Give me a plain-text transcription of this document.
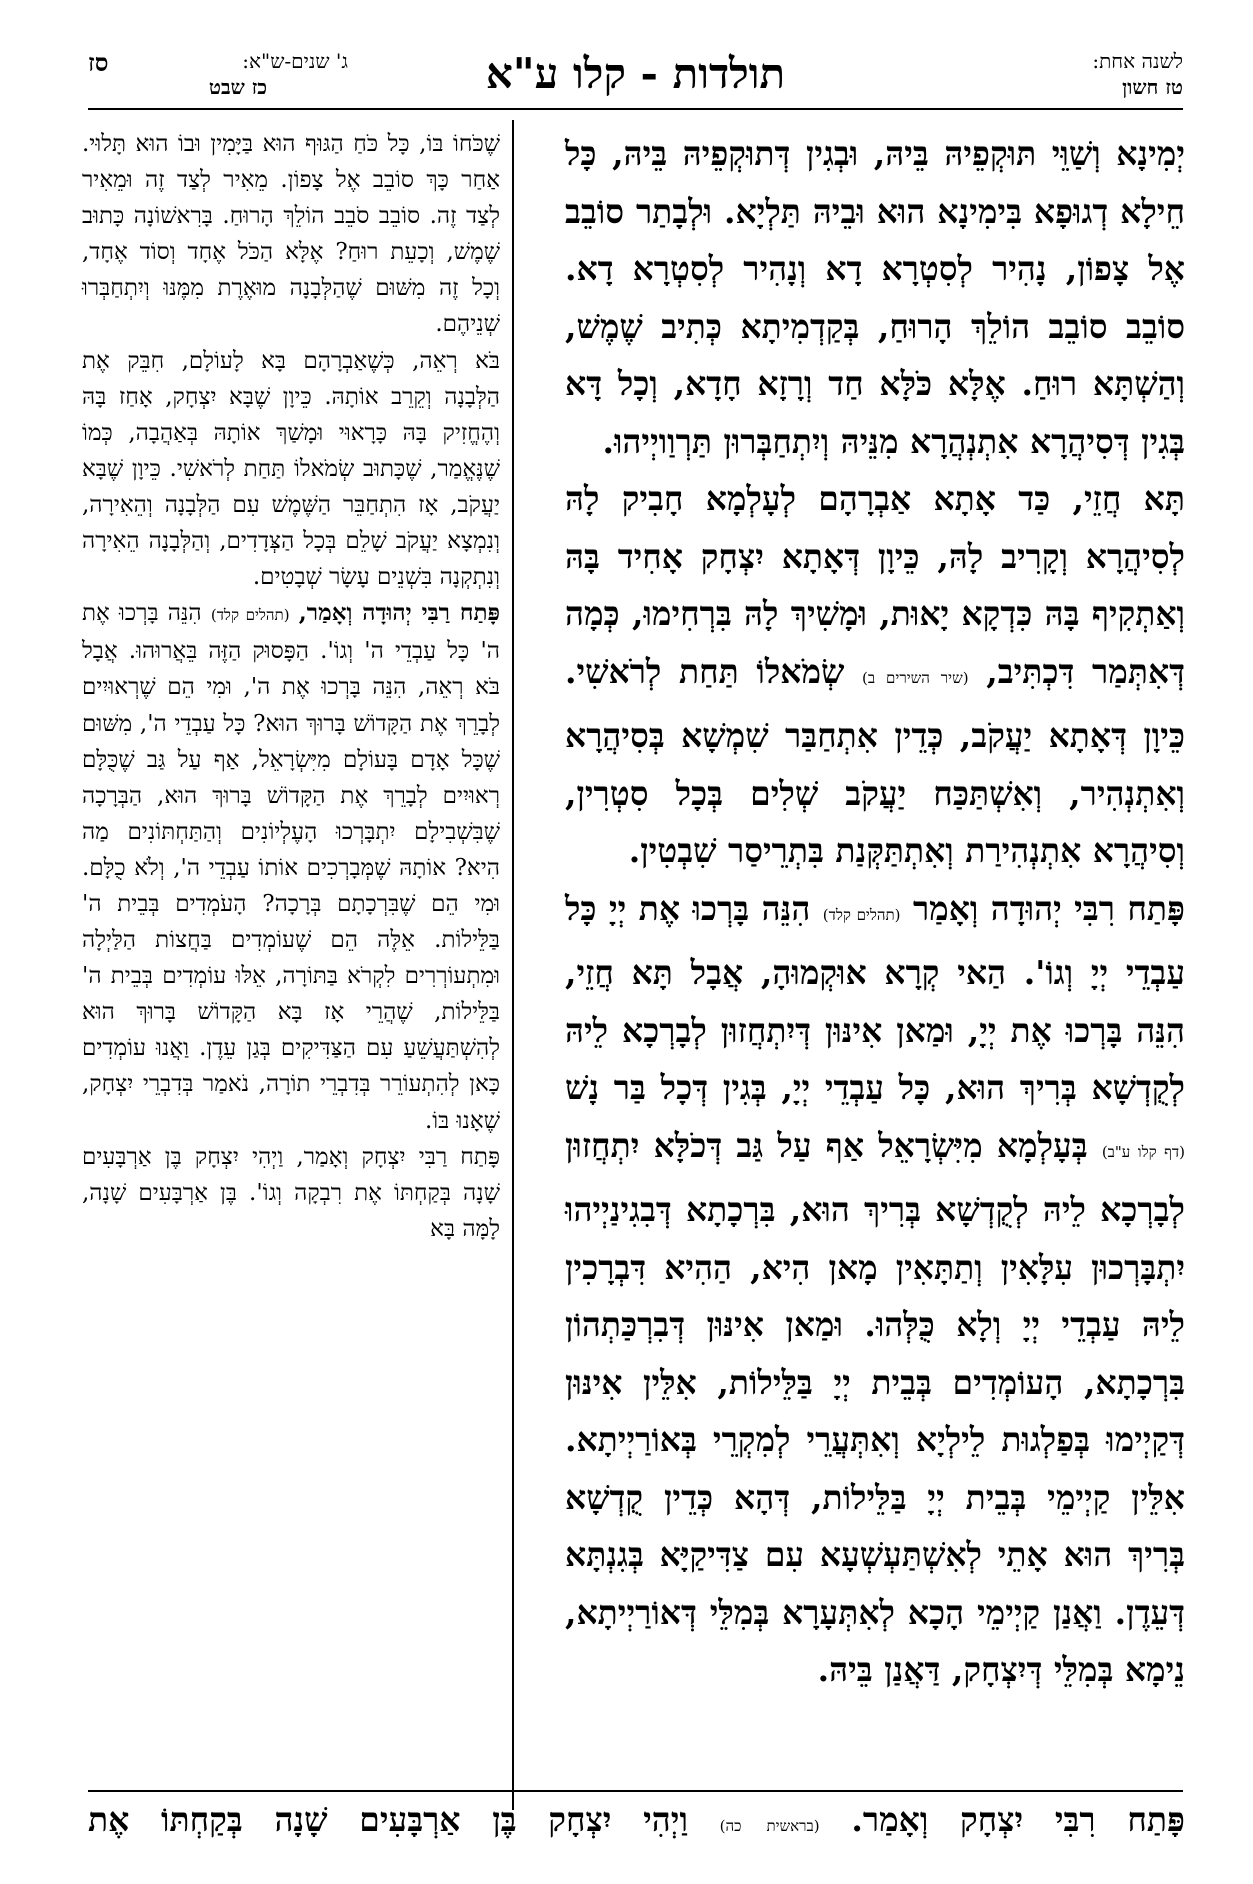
לשנה אחת:
טז חשון
תולדות - קלו ע"א
סז	ג' שנים-ש"א:
כז שבט

יְמִינָא וְשַׁוֵּי תּוּקְפֵיהּ בֵּיהּ, וּבְגִין דְּתוּקְפֵיהּ בֵּיהּ, כָּל חֵילָא דְגוּפָא בִּימִינָא הוּא וּבֵיהּ תַּלְיָא. וּלְבָתַר סוֹבֵב אֶל צָפוֹן, נָהִיר לְסִטְרָא דָא וְנָהִיר לְסִטְרָא דָא. סוֹבֵב סוֹבֵב הוֹלֵךְ הָרוּחַ, בְּקַדְמִיתָא כְּתִיב שֶׁמֶשׁ, וְהַשְׁתָּא רוּחַ. אֶלָּא כֹּלָּא חַד וְרָזָא חָדָא, וְכָל דָּא בְּגִין דְּסִיהֲרָא אִתְנְהֲרָא מִנֵּיהּ וְיִתְחַבְּרוּן תַּרְוַויְיהוּ.

תָּא חֲזֵי, כַּד אָתָא אַבְרָהָם לְעָלְמָא חָבִיק לָהּ לְסִיהֲרָא וְקָרִיב לָהּ, כֵּיוָן דְּאָתָא יִצְחָק אָחִיד בָּהּ וְאַתְקִיף בָּהּ כִּדְקָא יָאוּת, וּמָשִׁיךְ לָהּ בִּרְחִימוּ, כְּמָה דְּאִתְּמַר דִּכְתִּיב, (שיר השירים ב) שְׂמֹאלוֹ תַּחַת לְרֹאשִׁי. כֵּיוָן דְּאָתָא יַעֲקֹב, כְּדֵין אִתְחַבַּר שִׁמְשָׁא בְּסִיהֲרָא וְאִתְנְהִיר, וְאִשְׁתַּכַּח יַעֲקֹב שְׁלִים בְּכָל סִטְרִין, וְסִיהֲרָא אִתְנְהִירַת וְאִתְתַּקְּנַת בִּתְרֵיסַר שִׁבְטִין.

פָּתַח רִבִּי יְהוּדָה וְאָמַר (תהלים קלד) הִנֵּה בָּרְכוּ אֶת יְיָ כָּל עַבְדֵי יְיָ וְגוֹ'. הַאי קְרָא אוּקְמוּהָ, אֲבָל תָּא חֲזֵי, הִנֵּה בָּרְכוּ אֶת יְיָ, וּמַאן אִינּוּן דְּיִתְחֲזוּן לְבָרְכָא לֵיהּ לְקֻדְשָׁא בְּרִיךְ הוּא, כָּל עַבְדֵי יְיָ, בְּגִין דְּכָל בַּר נָשׁ (דף קלו ע"ב) בְּעָלְמָא מִיִּשְׂרָאֵל אַף עַל גַּב דְּכֹלָּא יִתְחֲזוּן לְבָרְכָא לֵיהּ לְקֻדְשָׁא בְּרִיךְ הוּא, בִּרְכָתָא דְּבִגִינַיְיהוּ יִתְבָּרְכוּן עִלָּאִין וְתַתָּאִין מָאן הִיא, הַהִיא דִּבְרָכִין לֵיהּ עַבְדֵי יְיָ וְלָא כֻּלְּהוּ. וּמַאן אִינּוּן דְּבִרְכַּתְהוֹן בִּרְכָתָא, הָעוֹמְדִים בְּבֵית יְיָ בַּלֵּילוֹת, אִלֵּין אִינּוּן דְּקַיְימוּ בְּפַלְגוּת לֵילְיָא וְאִתְּעֲרֵי לְמִקְרֵי בְּאוֹרַיְיתָא. אִלֵּין קַיְימֵי בְּבֵית יְיָ בַּלֵּילוֹת, דְּהָא כְּדֵין קֻדְשָׁא בְּרִיךְ הוּא אָתֵי לְאִשְׁתַּעְשְׁעָא עִם צַדִּיקַיָּא בְּגִנְתָּא דְּעֵדֶן. וַאֲנַן קַיְימֵי הָכָא לְאִתְּעָרָא בְּמִלֵּי דְּאוֹרַיְיתָא, נֵימָא בְּמִלֵּי דְּיִצְחָק, דַּאֲנַן בֵּיהּ.

שֶׁכֹּחוֹ בּוֹ, כָּל כֹּחַ הַגּוּף הוּא בַּיָּמִין וּבוֹ הוּא תָּלוּי. אַחַר כָּךְ סוֹבֵב אֶל צָפוֹן. מֵאִיר לְצַד זֶה וּמֵאִיר לְצַד זֶה. סוֹבֵב סֹבֵב הוֹלֵךְ הָרוּחַ. בָּרִאשׁוֹנָה כָּתוּב שֶׁמֶשׁ, וְכָעֵת רוּחַ? אֶלָּא הַכֹּל אֶחָד וְסוֹד אֶחָד, וְכָל זֶה מִשּׁוּם שֶׁהַלְּבָנָה מוּאֶרֶת מִמֶּנּוּ וְיִתְחַבְּרוּ שְׁנֵיהֶם.

בֹּא רְאֵה, כְּשֶׁאַבְרָהָם בָּא לָעוֹלָם, חִבֵּק אֶת הַלְּבָנָה וְקֵרֵב אוֹתָהּ. כֵּיוָן שֶׁבָּא יִצְחָק, אָחַז בָּהּ וְהֶחֱזִיק בָּהּ כָּרָאוּי וּמָשַׁךְ אוֹתָהּ בְּאַהֲבָה, כְּמוֹ שֶׁנֶּאֱמַר, שֶׁכָּתוּב שְׂמֹאלוֹ תַּחַת לְרֹאשִׁי. כֵּיוָן שֶׁבָּא יַעֲקֹב, אָז הִתְחַבֵּר הַשֶּׁמֶשׁ עִם הַלְּבָנָה וְהֵאִירָה, וְנִמְצָא יַעֲקֹב שָׁלֵם בְּכָל הַצְּדָדִים, וְהַלְּבָנָה הֵאִירָה וְנִתְקְנָה בִּשְׁנֵים עָשָׂר שְׁבָטִים.

פָּתַח רַבִּי יְהוּדָה וְאָמַר, (תהלים קלד) הִנֵּה בָּרְכוּ אֶת ה' כָּל עַבְדֵי ה' וְגוֹ'. הַפָּסוּק הַזֶּה בֵּאֲרוּהוּ. אֲבָל בֹּא רְאֵה, הִנֵּה בָּרְכוּ אֶת ה', וּמִי הֵם שֶׁרְאוּיִים לְבָרֵךְ אֶת הַקָּדוֹשׁ בָּרוּךְ הוּא? כָּל עַבְדֵי ה', מִשּׁוּם שֶׁכָּל אָדָם בָּעוֹלָם מִיִּשְׂרָאֵל, אַף עַל גַּב שֶׁכֻּלָּם רְאוּיִים לְבָרֵךְ אֶת הַקָּדוֹשׁ בָּרוּךְ הוּא, הַבְּרָכָה שֶׁבִּשְׁבִילָם יִתְבָּרְכוּ הָעֶלְיוֹנִים וְהַתַּחְתּוֹנִים מַה הִיא? אוֹתָהּ שֶׁמְּבָרְכִים אוֹתוֹ עַבְדֵי ה', וְלֹא כֻלָּם. וּמִי הֵם שֶׁבִּרְכָתָם בְּרָכָה? הָעֹמְדִים בְּבֵית ה' בַּלֵּילוֹת. אֵלֶּה הֵם שֶׁעוֹמְדִים בַּחֲצוֹת הַלַּיְלָה וּמִתְעוֹרְרִים לִקְרֹא בַּתּוֹרָה, אֵלּוּ עוֹמְדִים בְּבֵית ה' בַּלֵּילוֹת, שֶׁהֲרֵי אָז בָּא הַקָּדוֹשׁ בָּרוּךְ הוּא לְהִשְׁתַּעֲשֵׁעַ עִם הַצַּדִּיקִים בְּגַן עֵדֶן. וַאֲנוּ עוֹמְדִים כָּאן לְהִתְעוֹרֵר בְּדִבְרֵי תוֹרָה, נֹאמַר בְּדִבְרֵי יִצְחָק, שֶׁאָנוּ בּוֹ.

פָּתַח רַבִּי יִצְחָק וְאָמַר, וַיְהִי יִצְחָק בֶּן אַרְבָּעִים שָׁנָה בְּקַחְתּוֹ אֶת רִבְקָה וְגוֹ'. בֶּן אַרְבָּעִים שָׁנָה, לָמָּה בָּא

פָּתַח רִבִּי יִצְחָק וְאָמַר. (בראשית כה) וַיְהִי יִצְחָק בֶּן אַרְבָּעִים שָׁנָה בְּקַחְתּוֹ אֶת
